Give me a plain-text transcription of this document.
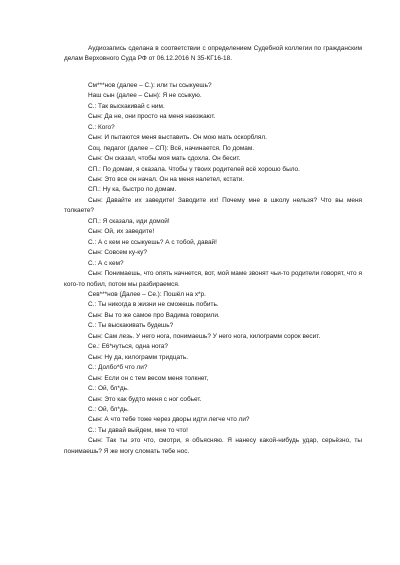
Аудиозапись сделана в соответствии с определением Судебной коллегии по гражданским делам Верховного Суда РФ от 06.12.2016 N 35-КГ16-18.

См***нов (далее – С.): или ты ссыкуешь?

Наш сын (далее – Сын): Я не ссыкую.

С.: Так выскакивай с ним.

Сын: Да не, они просто на меня наезжают.

С.: Кого?

Сын: И пытаются меня выставить. Он мою мать оскорблял.

Соц. педагог (далее – СП): Всё, начинается. По домам.

Сын: Он сказал, чтобы моя мать сдохла. Он бесит.

СП.: По домам, я сказала. Чтобы у твоих родителей всё хорошо было.

Сын: Это все он начал. Он на меня налетел, кстати.

СП.: Ну ка, быстро по домам.

Сын: Давайте их заведите! Заводите их! Почему мне в школу нельзя? Что вы меня толкаете?

СП.: Я сказала, иди домой!

Сын: Ой, их заведите!

С.: А с кем не ссыкуешь? А с тобой, давай!

Сын: Совсем ку-ку?

С.: А с кем?

Сын: Понимаешь, что опять начнется, вот, мой маме звонят чьи-то родители говорят, что я кого-то побил, потом мы разбираемся.

Сев***нов (Далее – Се.): Пошёл на х*р.

С.: Ты никогда в жизни не сможешь побить.

Сын: Вы то же самое про Вадима говорили.

С.: Ты выскакивать будешь?

Сын: Сам лезь. У него нога, понимаешь? У него нога, килограмм сорок весит.

Се.: Е6*нуться, одна нога?

Сын: Ну да, килограмм тридцать.

С.: Долбо*б что ли?

Сын: Если он с тем весом меня толкнет,

С.: Ой, бл*дь.

Сын: Это как будто меня с ног собьет.

С.: Ой, бл*дь.

Сын: А что тебе тоже через дворы идти легче что ли?

С.: Ты давай выйдем, мне то что!

Сын: Так ты это что, смотри, я объясняю. Я нанесу какой-нибудь удар, серьёзно, ты понимаешь? Я же могу сломать тебе нос.
